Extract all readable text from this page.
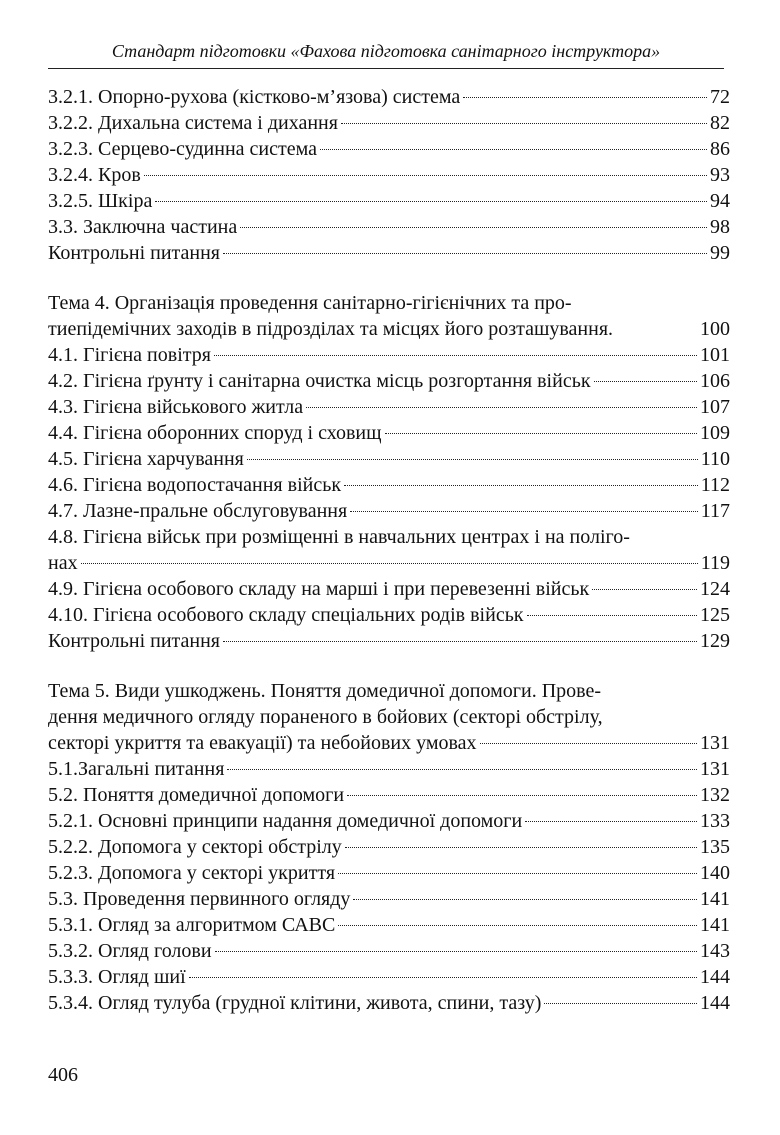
Стандарт підготовки «Фахова підготовка санітарного інструктора»
3.2.1. Опорно-рухова (кістково-м’язова) система	72
3.2.2. Дихальна система і дихання	82
3.2.3. Серцево-судинна система	86
3.2.4. Кров	93
3.2.5. Шкіра	94
3.3. Заключна частина	98
Контрольні питання	99
Тема 4. Організація проведення санітарно-гігієнічних та про-
тиепідемічних заходів в підрозділах та місцях його розташування.	100
4.1. Гігієна повітря	101
4.2. Гігієна ґрунту і санітарна очистка місць розгортання військ	106
4.3. Гігієна військового житла	107
4.4. Гігієна оборонних споруд і сховищ	109
4.5. Гігієна харчування	110
4.6. Гігієна водопостачання військ	112
4.7. Лазне-пральне обслуговування	117
4.8. Гігієна військ при розміщенні в навчальних центрах і на поліго-
нах	119
4.9. Гігієна особового складу на марші і при перевезенні військ	124
4.10. Гігієна особового складу спеціальних родів військ	125
Контрольні питання	129
Тема 5. Види ушкоджень. Поняття домедичної допомоги. Прове-
дення медичного огляду пораненого в бойових (секторі обстрілу,
секторі укриття та евакуації) та небойових умовах	131
5.1.Загальні питання	131
5.2. Поняття домедичної допомоги	132
5.2.1. Основні принципи надання домедичної допомоги	133
5.2.2. Допомога у секторі обстрілу	135
5.2.3. Допомога у секторі укриття	140
5.3. Проведення первинного огляду	141
5.3.1. Огляд за алгоритмом САВС	141
5.3.2. Огляд голови	143
5.3.3. Огляд шиї	144
5.3.4. Огляд тулуба (грудної клітини, живота, спини, тазу)	144
406
